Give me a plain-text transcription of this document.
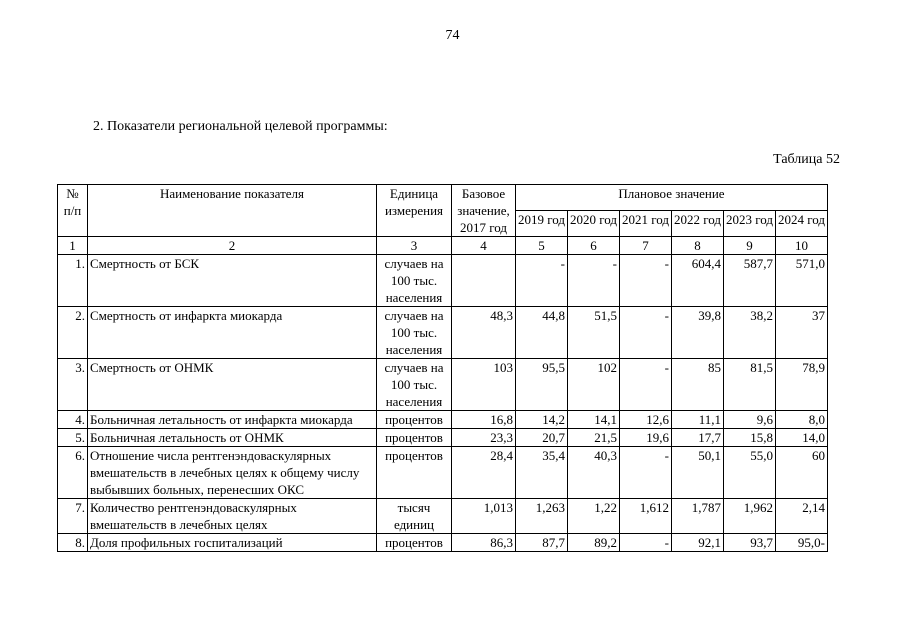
74
2. Показатели региональной целевой программы:
Таблица 52
№ п/п	Наименование показателя	Единица измерения	Базовое значение, 2017 год	Плановое значение					
				2019 год	2020 год	2021 год	2022 год	2023 год	2024 год
1	2	3	4	5	6	7	8	9	10
1.	Смертность от БСК	случаев на 100 тыс. населения		-	-	-	604,4	587,7	571,0
2.	Смертность от инфаркта миокарда	случаев на 100 тыс. населения	48,3	44,8	51,5	-	39,8	38,2	37
3.	Смертность от ОНМК	случаев на 100 тыс. населения	103	95,5	102	-	85	81,5	78,9
4.	Больничная летальность от инфаркта миокарда	процентов	16,8	14,2	14,1	12,6	11,1	9,6	8,0
5.	Больничная летальность от ОНМК	процентов	23,3	20,7	21,5	19,6	17,7	15,8	14,0
6.	Отношение числа рентгенэндоваскулярных вмешательств в лечебных целях к общему числу выбывших больных, перенесших ОКС	процентов	28,4	35,4	40,3	-	50,1	55,0	60
7.	Количество рентгенэндоваскулярных вмешательств в лечебных целях	тысяч единиц	1,013	1,263	1,22	1,612	1,787	1,962	2,14
8.	Доля профильных госпитализаций	процентов	86,3	87,7	89,2	-	92,1	93,7	95,0-
